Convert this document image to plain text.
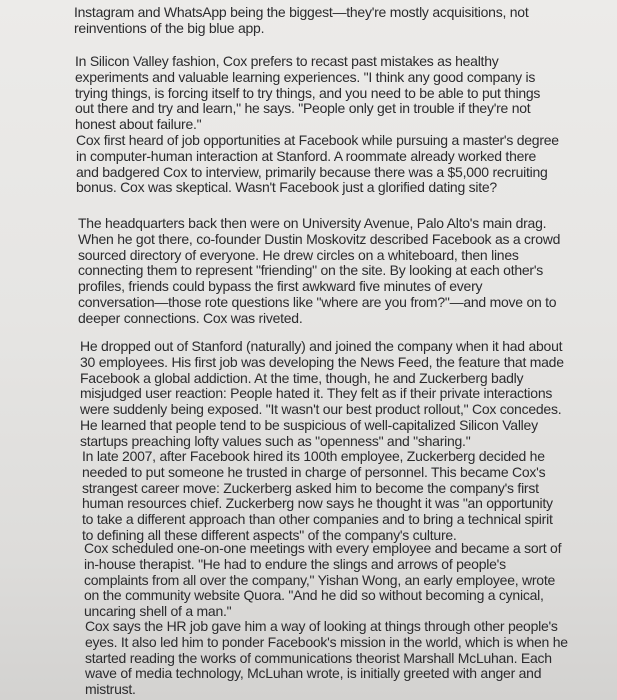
Instagram and WhatsApp being the biggest—they're mostly acquisitions, not
reinventions of the big blue app.
In Silicon Valley fashion, Cox prefers to recast past mistakes as healthy
experiments and valuable learning experiences. "I think any good company is
trying things, is forcing itself to try things, and you need to be able to put things
out there and try and learn," he says. "People only get in trouble if they're not
honest about failure."
Cox first heard of job opportunities at Facebook while pursuing a master's degree
in computer-human interaction at Stanford. A roommate already worked there
and badgered Cox to interview, primarily because there was a $5,000 recruiting
bonus. Cox was skeptical. Wasn't Facebook just a glorified dating site?
The headquarters back then were on University Avenue, Palo Alto's main drag.
When he got there, co-founder Dustin Moskovitz described Facebook as a crowd
sourced directory of everyone. He drew circles on a whiteboard, then lines
connecting them to represent "friending" on the site. By looking at each other's
profiles, friends could bypass the first awkward five minutes of every
conversation—those rote questions like "where are you from?"—and move on to
deeper connections. Cox was riveted.
He dropped out of Stanford (naturally) and joined the company when it had about
30 employees. His first job was developing the News Feed, the feature that made
Facebook a global addiction. At the time, though, he and Zuckerberg badly
misjudged user reaction: People hated it. They felt as if their private interactions
were suddenly being exposed. "It wasn't our best product rollout," Cox concedes.
He learned that people tend to be suspicious of well-capitalized Silicon Valley
startups preaching lofty values such as "openness" and "sharing."
In late 2007, after Facebook hired its 100th employee, Zuckerberg decided he
needed to put someone he trusted in charge of personnel. This became Cox's
strangest career move: Zuckerberg asked him to become the company's first
human resources chief. Zuckerberg now says he thought it was "an opportunity
to take a different approach than other companies and to bring a technical spirit
to defining all these different aspects" of the company's culture.
Cox scheduled one-on-one meetings with every employee and became a sort of
in-house therapist. "He had to endure the slings and arrows of people's
complaints from all over the company," Yishan Wong, an early employee, wrote
on the community website Quora. "And he did so without becoming a cynical,
uncaring shell of a man."
Cox says the HR job gave him a way of looking at things through other people's
eyes. It also led him to ponder Facebook's mission in the world, which is when he
started reading the works of communications theorist Marshall McLuhan. Each
wave of media technology, McLuhan wrote, is initially greeted with anger and
mistrust.
